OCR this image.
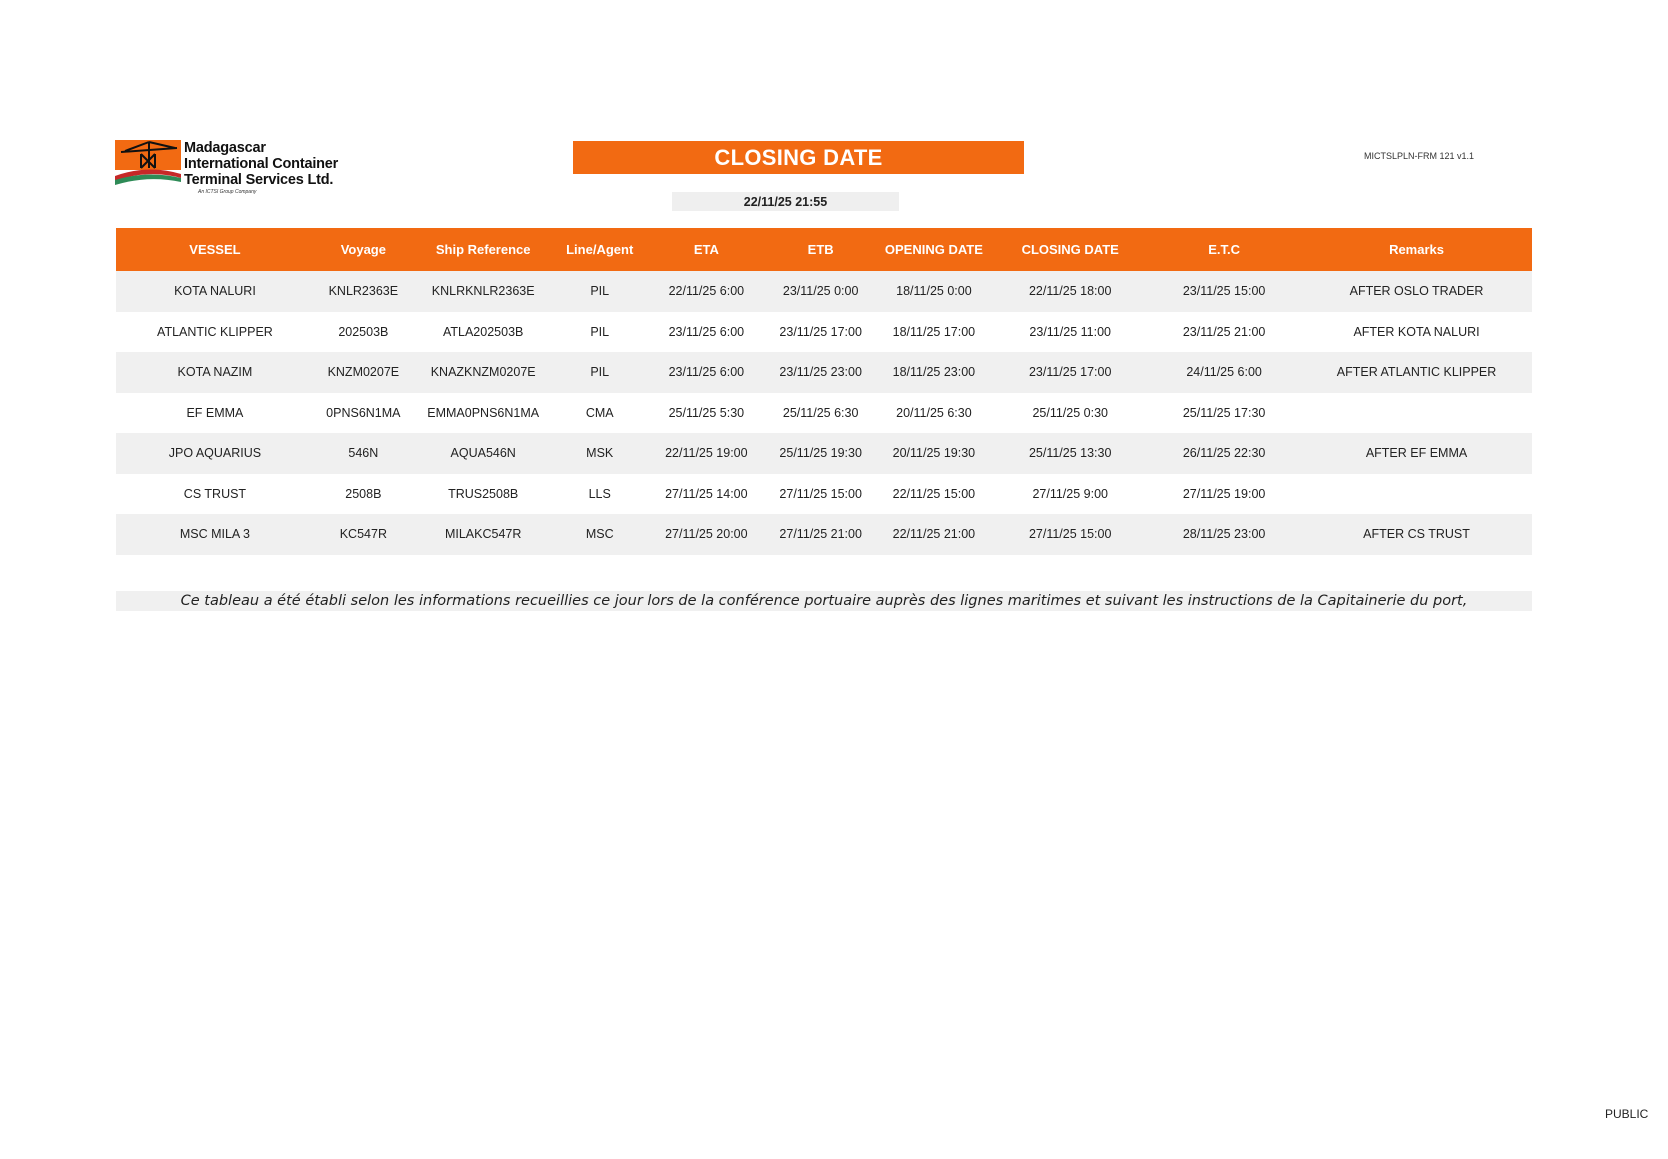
Madagascar
International Container
Terminal Services Ltd.
An ICTSI Group Company
CLOSING DATE
22/11/25 21:55
MICTSLPLN-FRM 121 v1.1
VESSEL	Voyage	Ship Reference	Line/Agent	ETA	ETB	OPENING DATE	CLOSING DATE	E.T.C	Remarks
KOTA NALURI	KNLR2363E	KNLRKNLR2363E	PIL	22/11/25 6:00	23/11/25 0:00	18/11/25 0:00	22/11/25 18:00	23/11/25 15:00	AFTER OSLO TRADER
ATLANTIC KLIPPER	202503B	ATLA202503B	PIL	23/11/25 6:00	23/11/25 17:00	18/11/25 17:00	23/11/25 11:00	23/11/25 21:00	AFTER KOTA NALURI
KOTA NAZIM	KNZM0207E	KNAZKNZM0207E	PIL	23/11/25 6:00	23/11/25 23:00	18/11/25 23:00	23/11/25 17:00	24/11/25 6:00	AFTER ATLANTIC KLIPPER
EF EMMA	0PNS6N1MA	EMMA0PNS6N1MA	CMA	25/11/25 5:30	25/11/25 6:30	20/11/25 6:30	25/11/25 0:30	25/11/25 17:30	
JPO AQUARIUS	546N	AQUA546N	MSK	22/11/25 19:00	25/11/25 19:30	20/11/25 19:30	25/11/25 13:30	26/11/25 22:30	AFTER EF EMMA
CS TRUST	2508B	TRUS2508B	LLS	27/11/25 14:00	27/11/25 15:00	22/11/25 15:00	27/11/25 9:00	27/11/25 19:00	
MSC MILA 3	KC547R	MILAKC547R	MSC	27/11/25 20:00	27/11/25 21:00	22/11/25 21:00	27/11/25 15:00	28/11/25 23:00	AFTER CS TRUST
Ce tableau a été établi selon les informations recueillies ce jour lors de la conférence portuaire auprès des lignes maritimes et suivant les instructions de la Capitainerie du port,
PUBLIC
